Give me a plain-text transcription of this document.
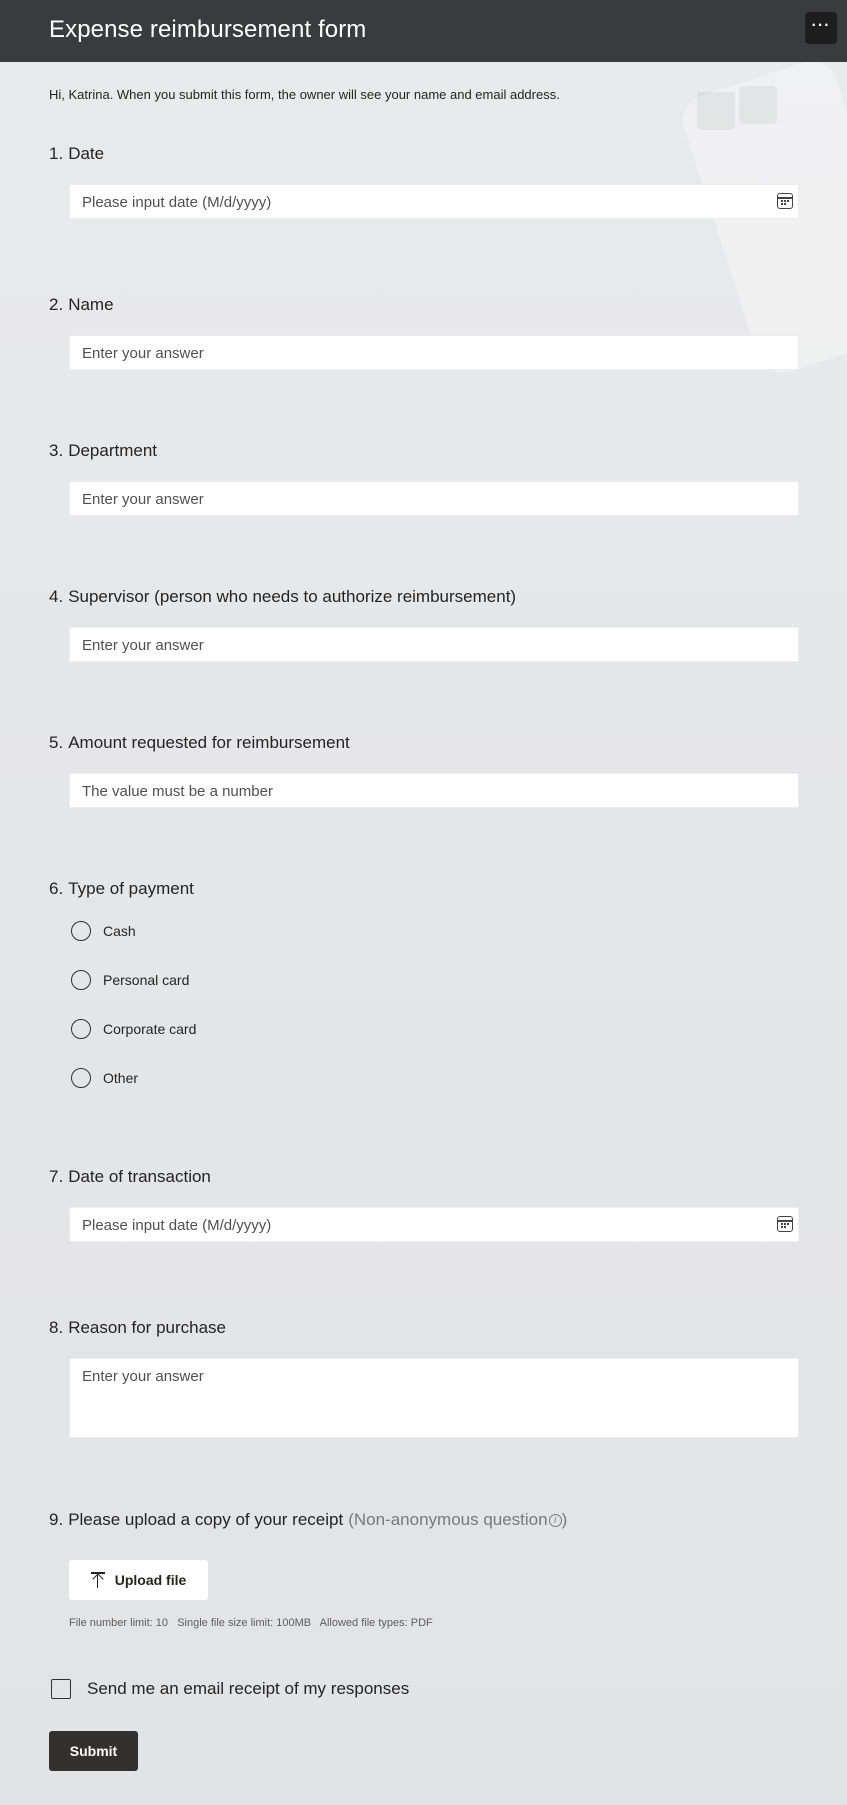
Expense reimbursement form	···
Hi, Katrina. When you submit this form, the owner will see your name and email address.
1. Date
Please input date (M/d/yyyy)
2. Name
Enter your answer
3. Department
Enter your answer
4. Supervisor (person who needs to authorize reimbursement)
Enter your answer
5. Amount requested for reimbursement
The value must be a number
6. Type of payment
Cash
Personal card
Corporate card
Other
7. Date of transaction
Please input date (M/d/yyyy)
8. Reason for purchase
Enter your answer
9. Please upload a copy of your receipt (Non-anonymous question i )
Upload file
File number limit: 10   Single file size limit: 100MB   Allowed file types: PDF
Send me an email receipt of my responses
Submit
